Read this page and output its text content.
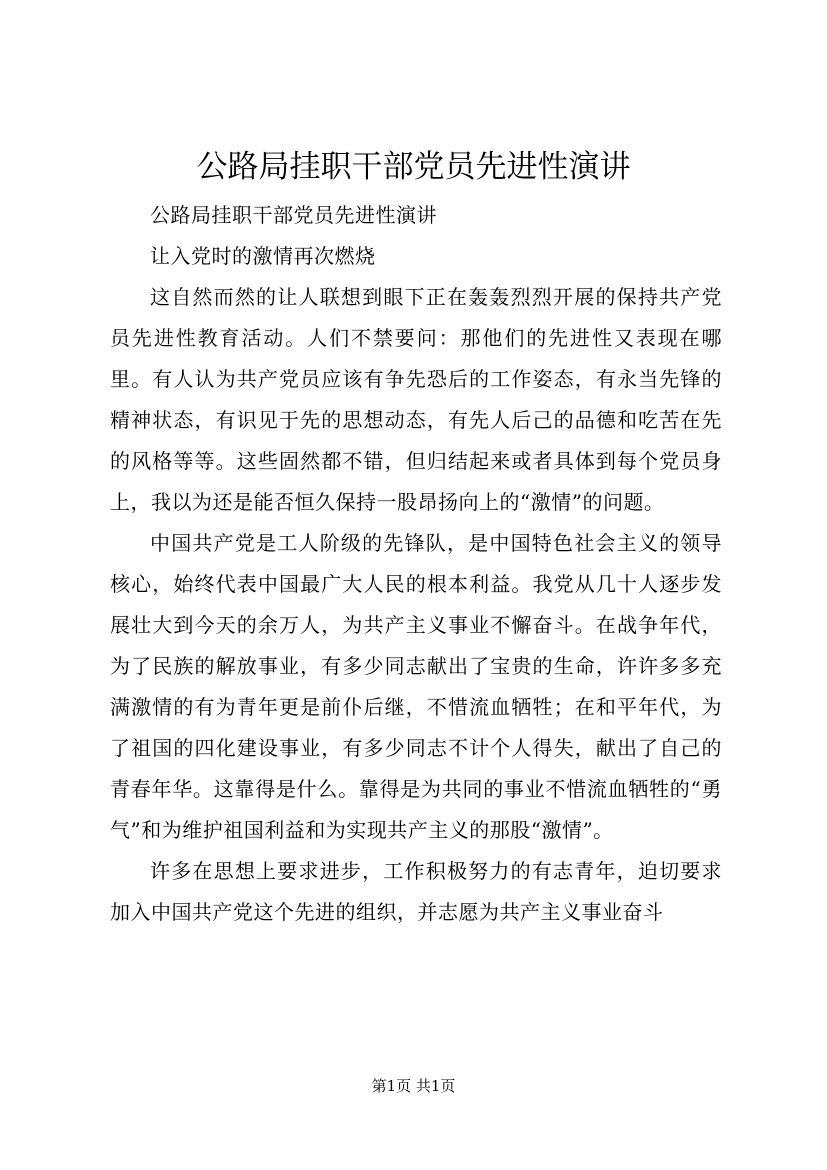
公路局挂职干部党员先进性演讲

公路局挂职干部党员先进性演讲

让入党时的激情再次燃烧

这自然而然的让人联想到眼下正在轰轰烈烈开展的保持共产党员先进性教育活动。人们不禁要问：那他们的先进性又表现在哪里。有人认为共产党员应该有争先恐后的工作姿态，有永当先锋的精神状态，有识见于先的思想动态，有先人后己的品德和吃苦在先的风格等等。这些固然都不错，但归结起来或者具体到每个党员身上，我以为还是能否恒久保持一股昂扬向上的“激情”的问题。

中国共产党是工人阶级的先锋队，是中国特色社会主义的领导核心，始终代表中国最广大人民的根本利益。我党从几十人逐步发展壮大到今天的余万人，为共产主义事业不懈奋斗。在战争年代，为了民族的解放事业，有多少同志献出了宝贵的生命，许许多多充满激情的有为青年更是前仆后继，不惜流血牺牲；在和平年代，为了祖国的四化建设事业，有多少同志不计个人得失，献出了自己的青春年华。这靠得是什么。靠得是为共同的事业不惜流血牺牲的“勇气”和为维护祖国利益和为实现共产主义的那股“激情”。

许多在思想上要求进步，工作积极努力的有志青年，迫切要求加入中国共产党这个先进的组织，并志愿为共产主义事业奋斗

第1页 共1页
